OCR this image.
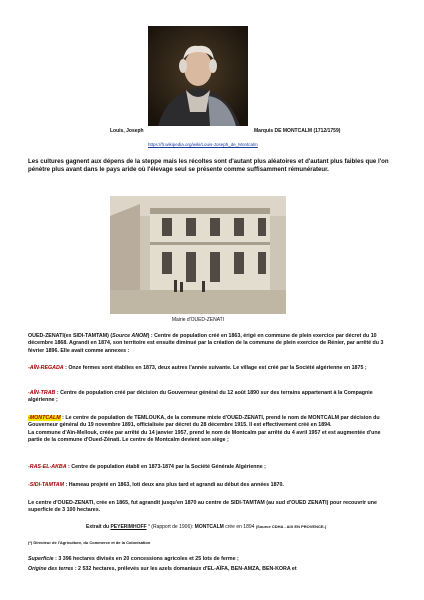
Louis, Joseph	Marquis DE MONTCALM (1712/1759)
https://fr.wikipedia.org/wiki/Louis-Joseph_de_Montcalm
Les cultures gagnent aux dépens de la steppe mais les récoltes sont d'autant plus aléatoires et d'autant plus faibles que l'on pénètre plus avant dans le pays aride où l'élevage seul se présente comme suffisamment rémunérateur.
Mairie d'OUED-ZENATI
OUED-ZENATI(ex SIDI-TAMTAM) (Source ANOM) : Centre de population créé en 1863, érigé en commune de plein exercice par décret du 10 décembre 1868. Agrandi en 1874, son territoire est ensuite diminué par la création de la commune de plein exercice de Rénier, par arrêté du 3 février 1896. Elle avait comme annexes :
-AÏN-REGADA : Onze fermes sont établies en 1873, deux autres l'année suivante. Le village est créé par la Société algérienne en 1875 ;
-AÏN-TRAB : Centre de population créé par décision du Gouverneur général du 12 août 1890 sur des terrains appartenant à la Compagnie algérienne ;
-MONTCALM : Le centre de population de TEMLOUKA, de la commune mixte d'OUED-ZENATI, prend le nom de MONTCALM par décision du Gouverneur général du 19 novembre 1891, officialisée par décret du 28 décembre 1915. Il est effectivement créé en 1894.
La commune d'Aïn-Mellouk, créée par arrêté du 14 janvier 1957, prend le nom de Montcalm par arrêté du 4 avril 1957 et est augmentée d'une partie de la commune d'Oued-Zénati. Le centre de Montcalm devient son siège ;
-RAS-EL-AKBA : Centre de population établi en 1873-1874 par la Société Générale Algérienne ;
-SIDI-TAMTAM : Hameau projeté en 1863, loti deux ans plus tard et agrandi au début des années 1870.
Le centre d'OUED-ZENATI, crée en 1865, fut agrandit jusqu'en 1870 au centre de SIDI-TAMTAM (au sud d'OUED ZENATI) pour recouvrir une superficie de 3 100 hectares.
Extrait du PEYERIMHOFF * (Rapport de 1906): MONTCALM crée en 1894 (Source CDHA - AIX EN PROVENCE-)
(*) Directeur de l'Agriculture, du Commerce et de la Colonisation
Superficie : 3 396 hectares divisés en 20 concessions agricoles et 25 lots de ferme ;
Origine des terres : 2 532 hectares, prélevés sur les azels domaniaux d'EL-AÏFA, BEN-AMZA, BEN-KORA et
